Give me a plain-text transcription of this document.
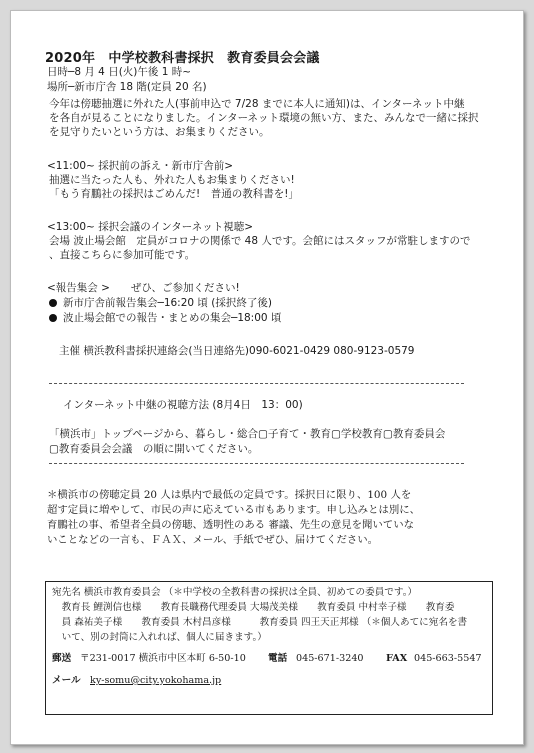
2020年　中学校教科書採択　教育委員会会議
日時─8 月 4 日(火)午後 1 時~
場所─新市庁舎 18 階(定員 20 名)
今年は傍聴抽選に外れた人(事前申込で 7/28 までに本人に通知)は、インターネット中継
を各自が見ることになりました。インターネット環境の無い方、また、みんなで一緒に採択
を見守りたいという方は、お集まりください。
<11:00~ 採択前の訴え・新市庁舎前>
抽選に当たった人も、外れた人もお集まりください!
「もう育鵬社の採択はごめんだ!　普通の教科書を!」
<13:00~ 採択会議のインターネット視聴>
会場 波止場会館　定員がコロナの関係で 48 人です。会館にはスタッフが常駐しますので
、直接こちらに参加可能です。
<報告集会 >　　ぜひ、ご参加ください!
新市庁舎前報告集会─16:20 頃 (採択終了後)
波止場会館での報告・まとめの集会─18:00 頃
主催 横浜教科書採択連絡会(当日連絡先)090-6021-0429 080-9123-0579
インターネット中継の視聴方法 (8月4日　13：00)
「横浜市」トップページから、暮らし・総合▢子育て・教育▢学校教育▢教育委員会
▢教育委員会会議　の順に開いてください。
＊横浜市の傍聴定員 20 人は県内で最低の定員です。採択日に限り、100 人を
超す定員に増やして、市民の声に応えている市もあります。申し込みとは別に、
育鵬社の事、希望者全員の傍聴、透明性のある 審議、先生の意見を聞いていな
いことなどの一言も、ＦＡＸ、メール、手紙でぜひ、届けてください。
宛先名 横浜市教育委員会 （＊中学校の全教科書の採択は全員、初めての委員です。）
　教育長 鯉渕信也様　　教育長職務代理委員 大場茂美様　　教育委員 中村幸子様　　教育委
　員 森祐美子様　　教育委員 木村昌彦様　　　教育委員 四王天正邦様 （＊個人あてに宛名を書
　いて、別の封筒に入れれば、個人に届きます。）
郵送 〒231-0017 横浜市中区本町 6-50-10 電話 045-671-3240 FAX 045-663-5547
メール ky-somu@city.yokohama.jp
